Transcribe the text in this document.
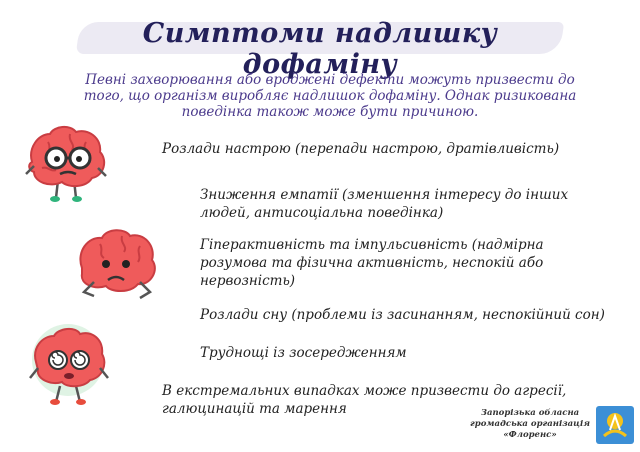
Симптоми надлишку дофаміну
Певні захворювання або вроджені дефекти можуть призвести до того, що організм виробляє надлишок дофаміну. Однак ризикована поведінка також може бути причиною.
Розлади настрою (перепади настрою, дратівливість)
Зниження емпатії (зменшення інтересу до інших людей, антисоціальна поведінка)
Гіперактивність та імпульсивність (надмірна розумова та фізична активність, неспокій або нервозність)
Розлади сну (проблеми із засинанням, неспокійний сон)
Труднощі із зосередженням
В екстремальних випадках може призвести до агресії, галюцинацій та марення	Запорізька обласна
громадська організація
«Флоренс»
